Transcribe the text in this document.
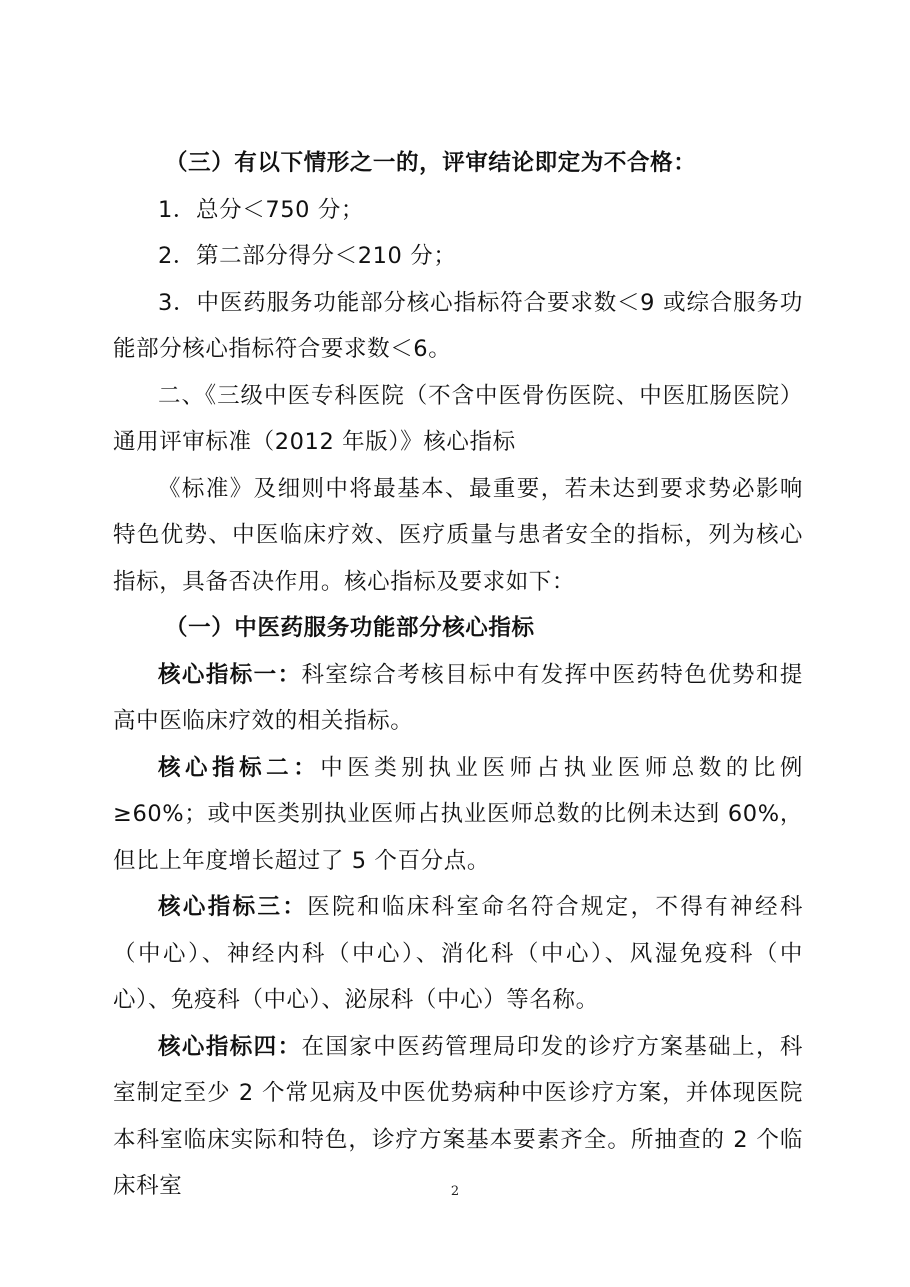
（三）有以下情形之一的，评审结论即定为不合格：

1．总分＜750 分；

2．第二部分得分＜210 分；

3．中医药服务功能部分核心指标符合要求数＜9 或综合服务功能部分核心指标符合要求数＜6。

二、《三级中医专科医院（不含中医骨伤医院、中医肛肠医院）通用评审标准（2012 年版）》核心指标

《标准》及细则中将最基本、最重要，若未达到要求势必影响特色优势、中医临床疗效、医疗质量与患者安全的指标，列为核心指标，具备否决作用。核心指标及要求如下：

（一）中医药服务功能部分核心指标

核心指标一：科室综合考核目标中有发挥中医药特色优势和提高中医临床疗效的相关指标。

核心指标二：中医类别执业医师占执业医师总数的比例≥60%；或中医类别执业医师占执业医师总数的比例未达到 60%，但比上年度增长超过了 5 个百分点。

核心指标三：医院和临床科室命名符合规定，不得有神经科（中心）、神经内科（中心）、消化科（中心）、风湿免疫科（中心）、免疫科（中心）、泌尿科（中心）等名称。

核心指标四：在国家中医药管理局印发的诊疗方案基础上，科室制定至少 2 个常见病及中医优势病种中医诊疗方案，并体现医院本科室临床实际和特色，诊疗方案基本要素齐全。所抽查的 2 个临床科室	2
